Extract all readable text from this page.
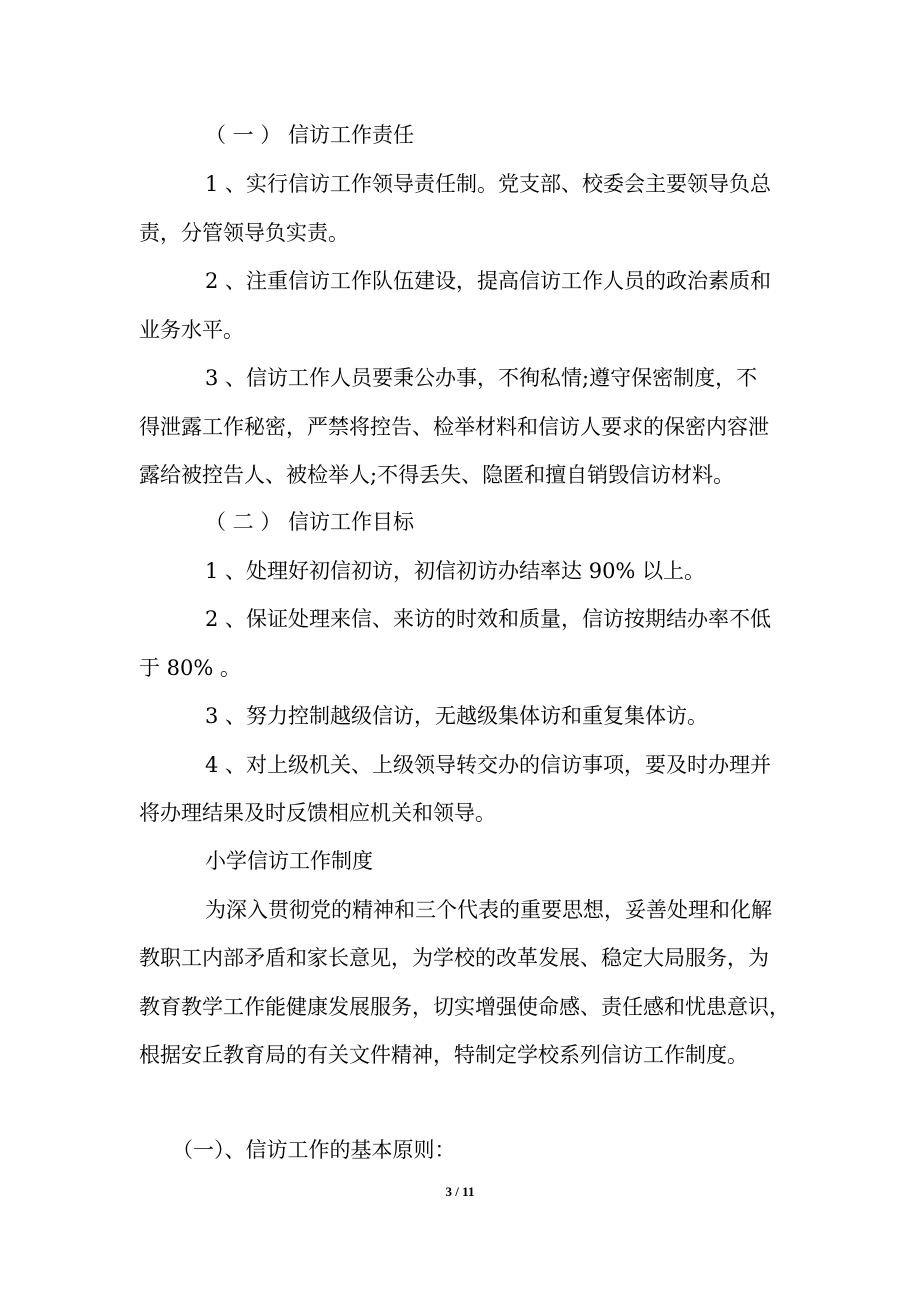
（ 一 ） 信访工作责任

1 、实行信访工作领导责任制。党支部、校委会主要领导负总

责，分管领导负实责。

2 、注重信访工作队伍建设，提高信访工作人员的政治素质和

业务水平。

3 、信访工作人员要秉公办事，不徇私情;遵守保密制度，不

得泄露工作秘密，严禁将控告、检举材料和信访人要求的保密内容泄

露给被控告人、被检举人;不得丢失、隐匿和擅自销毁信访材料。

（ 二 ） 信访工作目标

1 、处理好初信初访，初信初访办结率达 90% 以上。

2 、保证处理来信、来访的时效和质量，信访按期结办率不低

于 80% 。

3 、努力控制越级信访，无越级集体访和重复集体访。

4 、对上级机关、上级领导转交办的信访事项，要及时办理并

将办理结果及时反馈相应机关和领导。

小学信访工作制度

为深入贯彻党的精神和三个代表的重要思想，妥善处理和化解

教职工内部矛盾和家长意见，为学校的改革发展、稳定大局服务，为

教育教学工作能健康发展服务，切实增强使命感、责任感和忧患意识，

根据安丘教育局的有关文件精神，特制定学校系列信访工作制度。

（一）、信访工作的基本原则：

3 / 11
